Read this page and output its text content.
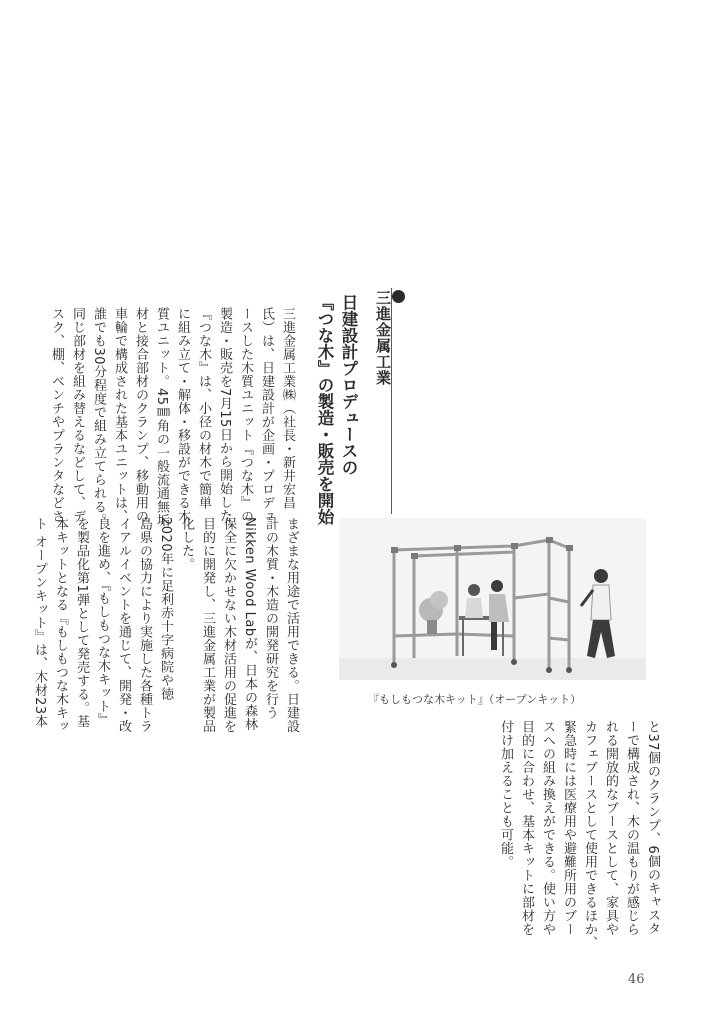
三進金属工業
日建設計プロデュースの
『つな木』の製造・販売を開始
三進金属工業㈱（社長・新井宏昌
氏）は、日建設計が企画・プロデュ
ースした木質ユニット『つな木』の
製造・販売を7月15日から開始した。
『つな木』は、小径の材木で簡単
に組み立て・解体・移設ができる木
質ユニット。45㎜角の一般流通無垢
材と接合部材のクランプ、移動用の
車輪で構成された基本ユニットは、
誰でも30分程度で組み立てられる。
同じ部材を組み替えるなどして、デ
スク、棚、ベンチやプランタなどさ
『もしもつな木キット』（オープンキット）
まざまな用途で活用できる。日建設
計の木質・木造の開発研究を行う
Nikken Wood Labが、日本の森林
保全に欠かせない木材活用の促進を
目的に開発し、三進金属工業が製品
化した。
2020年に足利赤十字病院や徳
島県の協力により実施した各種トラ
イアルイベントを通じて、開発・改
良を進め、『もしもつな木キット』
を製品化第1弾として発売する。基
本キットとなる『もしもつな木キッ
ト オープンキット』は、木材23本
と37個のクランプ、6個のキャスタ
ーで構成され、木の温もりが感じら
れる開放的なブースとして、家具や
カフェブースとして使用できるほか、
緊急時には医療用や避難所用のブー
スへの組み換えができる。使い方や
目的に合わせ、基本キットに部材を
付け加えることも可能。
46
